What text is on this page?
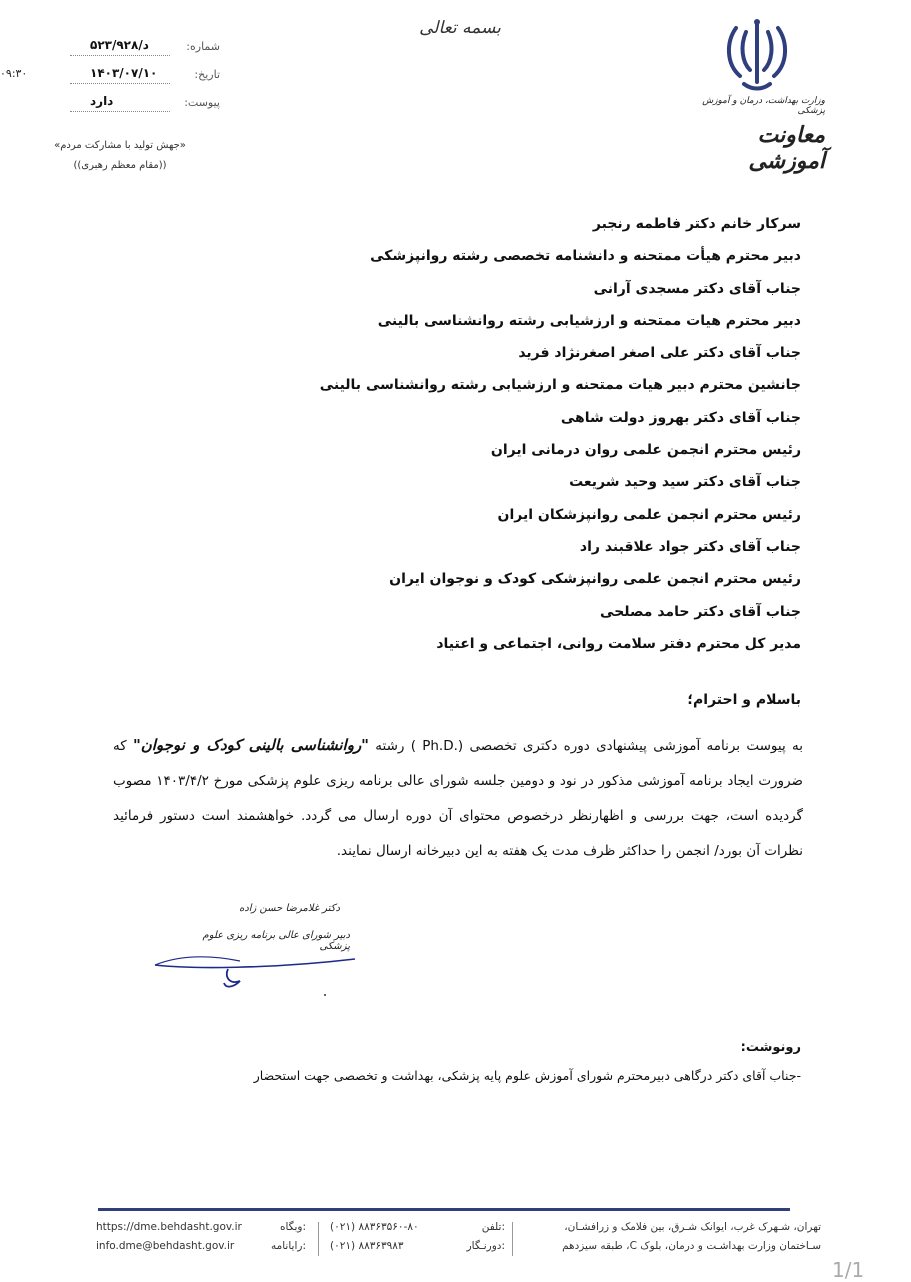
بسمه تعالی
وزارت بهداشت، درمان و آموزش پزشکی
معاونت آموزشی
شماره:
۵۲۳/۹۲۸/د
تاریخ:
۱۴۰۳/۰۷/۱۰
پیوست:
دارد
۰۹:۳۰
«جهش تولید با مشارکت مردم»
((مقام معظم رهبری))
سرکار خانم دکتر فاطمه رنجبر
دبیر محترم هیأت ممتحنه و دانشنامه تخصصی رشته روانپزشکی
جناب آقای دکتر مسجدی آرانی
دبیر محترم هیات ممتحنه و ارزشیابی رشته روانشناسی بالینی
جناب آقای دکتر علی اصغر اصغرنژاد فرید
جانشین محترم دبیر هیات ممتحنه و ارزشیابی رشته روانشناسی بالینی
جناب آقای دکتر بهروز دولت شاهی
رئیس محترم انجمن علمی روان درمانی ایران
جناب آقای دکتر سید وحید شریعت
رئیس محترم انجمن علمی روانپزشکان ایران
جناب آقای دکتر جواد علاقبند راد
رئیس محترم انجمن علمی روانپزشکی کودک و نوجوان ایران
جناب آقای دکتر حامد مصلحی
مدیر کل محترم دفتر سلامت روانی، اجتماعی و اعتیاد
باسلام و احترام؛
به پیوست برنامه آموزشی پیشنهادی دوره دکتری تخصصی (.Ph.D ) رشته "روانشناسی بالینی کودک و نوجوان" که ضرورت ایجاد برنامه آموزشی مذکور در نود و دومین جلسه شورای عالی برنامه ریزی علوم پزشکی مورخ ۱۴۰۳/۴/۲ مصوب گردیده است، جهت بررسی و اظهارنظر درخصوص محتوای آن دوره ارسال می گردد. خواهشمند است دستور فرمائید نظرات آن بورد/ انجمن را حداکثر ظرف مدت یک هفته به این دبیرخانه ارسال نمایند.
دکتر غلامرضا حسن زاده
دبیر شورای عالی برنامه ریزی علوم پزشکی
رونوشت:
-جناب آقای دکتر درگاهی دبیرمحترم شورای آموزش علوم پایه پزشکی، بهداشت و تخصصی جهت استحضار
تهران، شـهرک غرب، ایوانک شـرق، بین فلامک و زرافشـان،
سـاختمان وزارت بهداشـت و درمان، بلوک C، طبقه سیزدهم
(۰۲۱) ۸۸۳۶۳۵۶۰-۸۰	تلفن:
(۰۲۱) ۸۸۳۶۳۹۸۳	دورنـگار:
https://dme.behdasht.gov.ir	وبگاه:
info.dme@behdasht.gov.ir	رایانامه:
1/1
